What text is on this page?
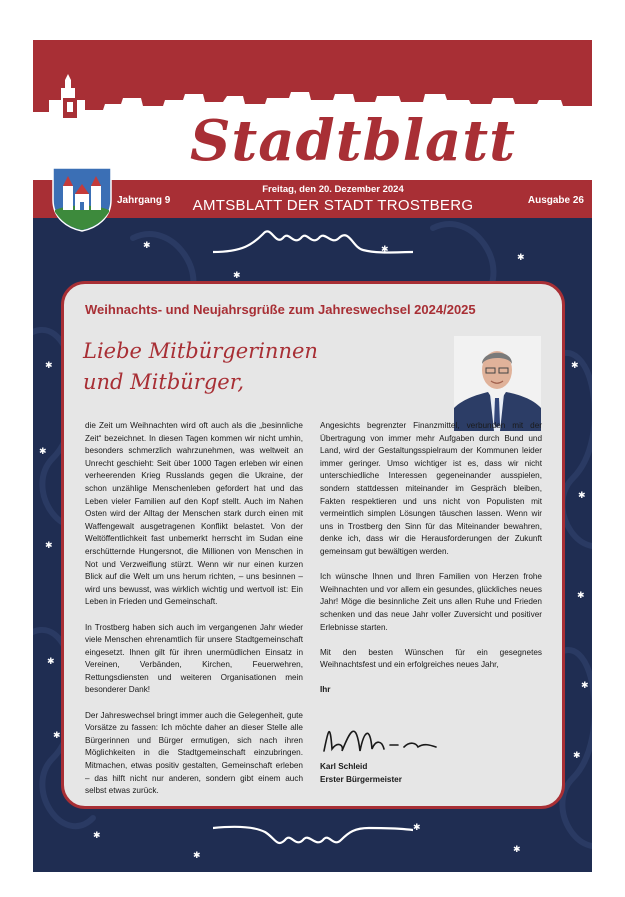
Stadtblatt
Jahrgang 9
Freitag, den 20. Dezember 2024
AMTSBLATT DER STADT TROSTBERG	Ausgabe 26
✱
✱
✱
✱
✱
✱
✱
✱
✱
✱
✱
✱
✱
✱
✱
✱
✱
✱
Weihnachts- und Neujahrsgrüße zum Jahreswechsel 2024/2025
Liebe Mitbürgerinnen
und Mitbürger,

die Zeit um Weihnachten wird oft auch als die „besinnliche Zeit“ bezeichnet. In diesen Tagen kommen wir nicht umhin, besonders schmerzlich wahrzunehmen, was weltweit an Unrecht geschieht: Seit über 1000 Tagen erleben wir einen verheerenden Krieg Russlands gegen die Ukraine, der schon unzählige Menschenleben gefordert hat und das Leben vieler Familien auf den Kopf stellt. Auch im Nahen Osten wird der Alltag der Menschen stark durch einen mit Waffengewalt ausgetragenen Konflikt belastet. Von der Weltöffentlichkeit fast unbemerkt herrscht im Sudan eine erschütternde Hungersnot, die Millionen von Menschen in Not und Verzweiflung stürzt. Wenn wir nur einen kurzen Blick auf die Welt um uns herum richten, – uns besinnen – wird uns bewusst, was wirklich wichtig und wertvoll ist: Ein Leben in Frieden und Gemeinschaft.

In Trostberg haben sich auch im vergangenen Jahr wieder viele Menschen ehrenamtlich für unsere Stadtgemeinschaft eingesetzt. Ihnen gilt für ihren unermüdlichen Einsatz in Vereinen, Verbänden, Kirchen, Feuerwehren, Rettungsdiensten und weiteren Organisationen mein besonderer Dank!

Der Jahreswechsel bringt immer auch die Gelegenheit, gute Vorsätze zu fassen: Ich möchte daher an dieser Stelle alle Bürgerinnen und Bürger ermutigen, sich nach ihren Möglichkeiten in die Stadtgemeinschaft einzubringen. Mitmachen, etwas positiv gestalten, Gemeinschaft erleben – das hilft nicht nur anderen, sondern gibt einem auch selbst etwas zurück.

Angesichts begrenzter Finanzmittel, verbunden mit der Übertragung von immer mehr Aufgaben durch Bund und Land, wird der Gestaltungsspielraum der Kommunen leider immer geringer. Umso wichtiger ist es, dass wir nicht unterschiedliche Interessen gegeneinander ausspielen, sondern stattdessen miteinander im Gespräch bleiben, Fakten respektieren und uns nicht von Populisten mit vermeintlich simplen Lösungen täuschen lassen. Wenn wir uns in Trostberg den Sinn für das Miteinander bewahren, denke ich, dass wir die Herausforderungen der Zukunft gemeinsam gut bewältigen werden.

Ich wünsche Ihnen und Ihren Familien von Herzen frohe Weihnachten und vor allem ein gesundes, glückliches neues Jahr! Möge die besinnliche Zeit uns allen Ruhe und Frieden schenken und das neue Jahr voller Zuversicht und positiver Erlebnisse starten.

Mit den besten Wünschen für ein gesegnetes Weihnachtsfest und ein erfolgreiches neues Jahr,

Ihr
Karl Schleid
Erster Bürgermeister
